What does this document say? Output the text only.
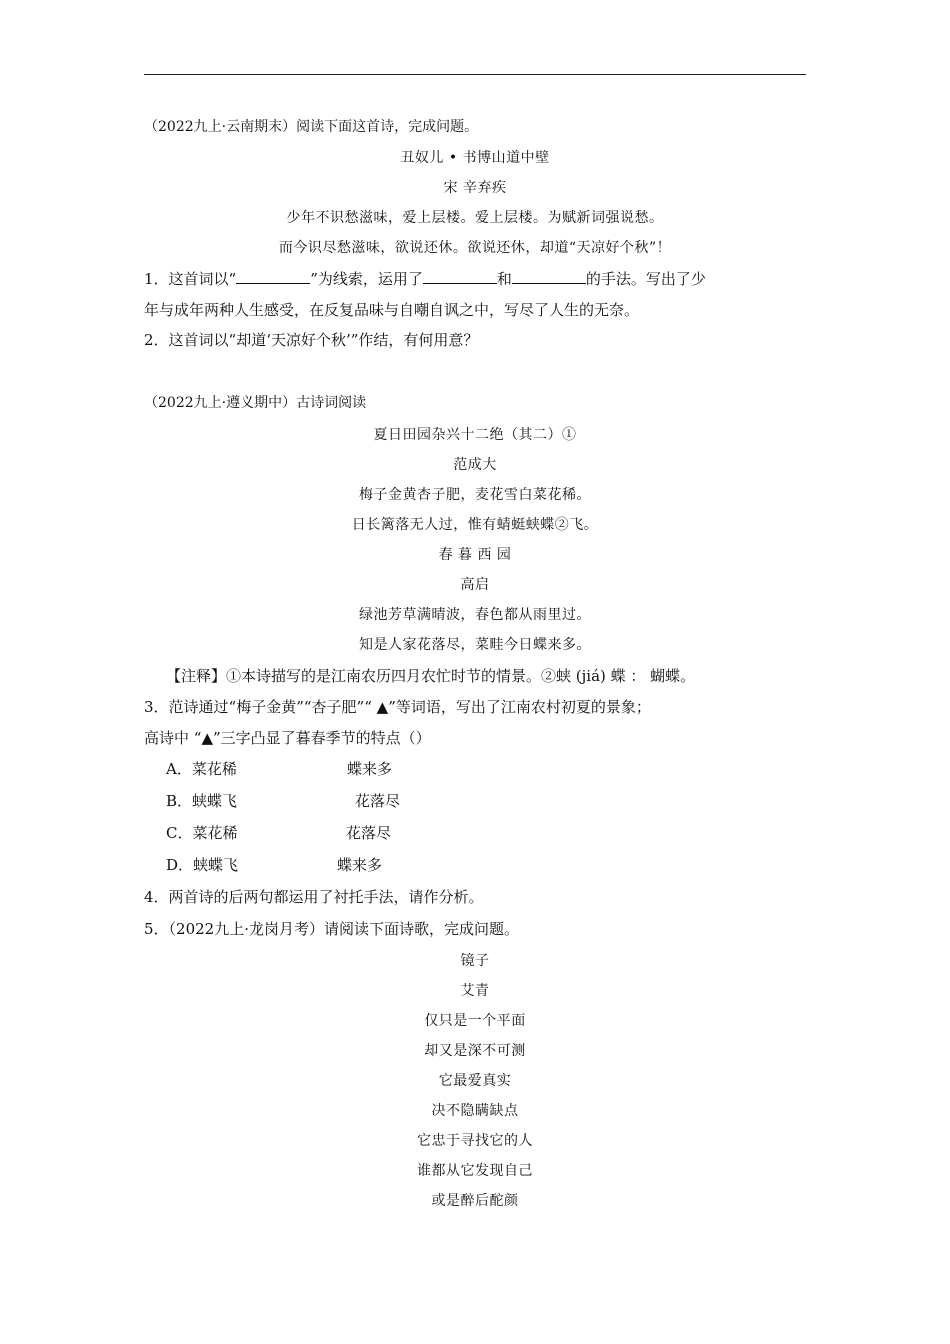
（2022九上·云南期末）阅读下面这首诗，完成问题。
丑奴儿 • 书博山道中壁
宋 辛弃疾
少年不识愁滋味，爱上层楼。爱上层楼。为赋新词强说愁。
而今识尽愁滋味，欲说还休。欲说还休，却道“天凉好个秋”！
1．这首词以“	”为线索，运用了	和	的手法。写出了少
年与成年两种人生感受，在反复品味与自嘲自讽之中，写尽了人生的无奈。
2．这首词以“却道‘天凉好个秋’”作结，有何用意？
（2022九上·遵义期中）古诗词阅读
夏日田园杂兴十二绝（其二）①
范成大
梅子金黄杏子肥，麦花雪白菜花稀。
日长篱落无人过，惟有蜻蜓蛱蝶②飞。
春 暮 西 园
高启
绿池芳草满晴波，春色都从雨里过。
知是人家花落尽，菜畦今日蝶来多。
【注释】①本诗描写的是江南农历四月农忙时节的情景。②蛱 (jiá) 蝶 ： 蝴蝶。
3．范诗通过“梅子金黄”“杏子肥”“ ▲”等词语，写出了江南农村初夏的景象；
高诗中 “▲”三字凸显了暮春季节的特点（）
A．菜花稀	蝶来多
B．蛱蝶飞	花落尽
C．菜花稀	花落尽
D．蛱蝶飞	蝶来多
4．两首诗的后两句都运用了衬托手法，请作分析。
5．（2022九上·龙岗月考）请阅读下面诗歌，完成问题。
镜子
艾青
仅只是一个平面
却又是深不可测
它最爱真实
决不隐瞒缺点
它忠于寻找它的人
谁都从它发现自己
或是醉后酡颜
